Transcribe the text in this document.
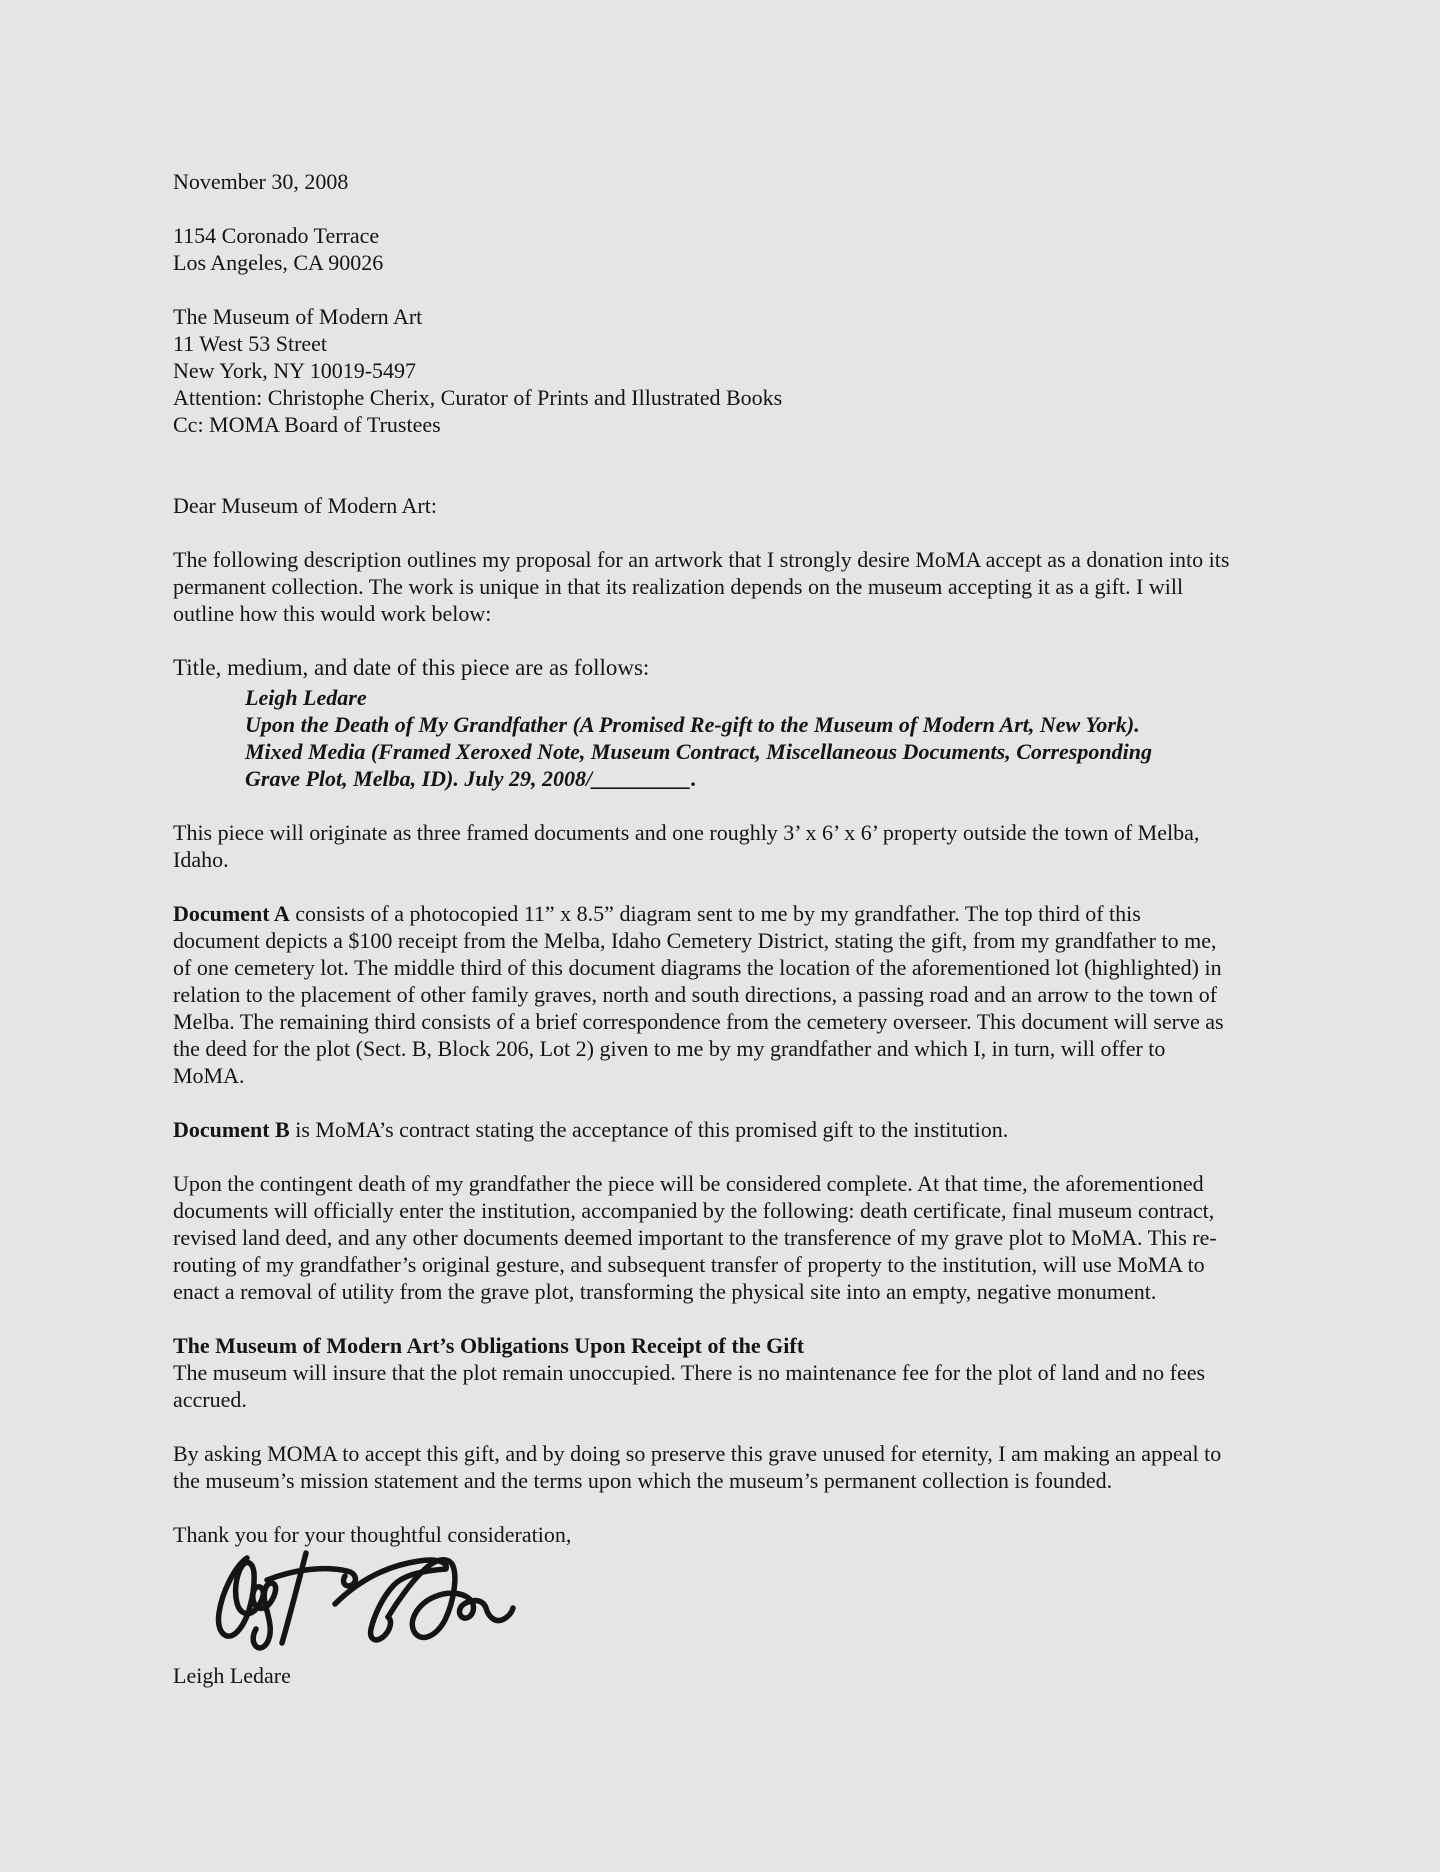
November 30, 2008

1154 Coronado Terrace

Los Angeles, CA 90026

The Museum of Modern Art

11 West 53 Street

New York, NY 10019-5497

Attention: Christophe Cherix, Curator of Prints and Illustrated Books

Cc: MOMA Board of Trustees

Dear Museum of Modern Art:

The following description outlines my proposal for an artwork that I strongly desire MoMA accept as a donation into its permanent collection. The work is unique in that its realization depends on the museum accepting it as a gift. I will outline how this would work below:

Title, medium, and date of this piece are as follows:

Leigh Ledare

Upon the Death of My Grandfather (A Promised Re-gift to the Museum of Modern Art, New York). Mixed Media (Framed Xeroxed Note, Museum Contract, Miscellaneous Documents, Corresponding Grave Plot, Melba, ID). July 29, 2008/_________.

This piece will originate as three framed documents and one roughly 3’ x 6’ x 6’ property outside the town of Melba, Idaho.

Document A consists of a photocopied 11” x 8.5” diagram sent to me by my grandfather. The top third of this document depicts a $100 receipt from the Melba, Idaho Cemetery District, stating the gift, from my grandfather to me, of one cemetery lot. The middle third of this document diagrams the location of the aforementioned lot (highlighted) in relation to the placement of other family graves, north and south directions, a passing road and an arrow to the town of Melba. The remaining third consists of a brief correspondence from the cemetery overseer. This document will serve as the deed for the plot (Sect. B, Block 206, Lot 2) given to me by my grandfather and which I, in turn, will offer to MoMA.

Document B is MoMA’s contract stating the acceptance of this promised gift to the institution.

Upon the contingent death of my grandfather the piece will be considered complete. At that time, the aforementioned documents will officially enter the institution, accompanied by the following: death certificate, final museum contract, revised land deed, and any other documents deemed important to the transference of my grave plot to MoMA. This re-routing of my grandfather’s original gesture, and subsequent transfer of property to the institution, will use MoMA to enact a removal of utility from the grave plot, transforming the physical site into an empty, negative monument.

The Museum of Modern Art’s Obligations Upon Receipt of the Gift

The museum will insure that the plot remain unoccupied. There is no maintenance fee for the plot of land and no fees accrued.

By asking MOMA to accept this gift, and by doing so preserve this grave unused for eternity, I am making an appeal to the museum’s mission statement and the terms upon which the museum’s permanent collection is founded.

Thank you for your thoughtful consideration,

Leigh Ledare
